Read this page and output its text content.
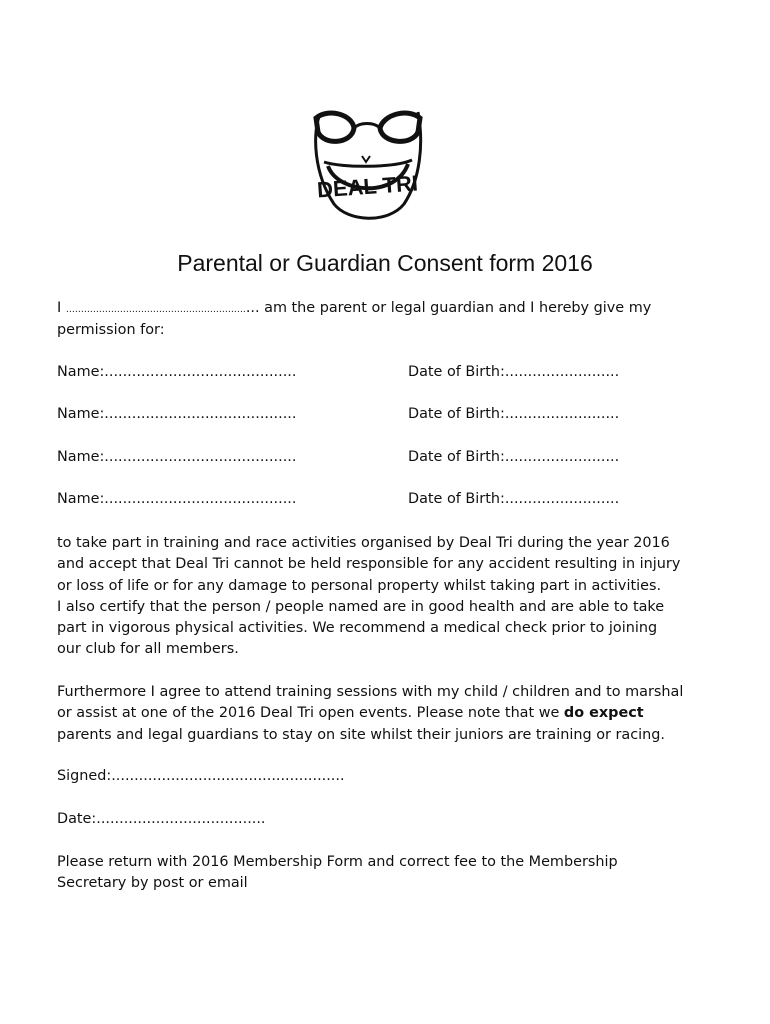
DEAL TRI
Parental or Guardian Consent form 2016
I ……………………………………………………... am the parent or legal guardian and I hereby give my
permission for:
Name:..........................................	Date of Birth:.........................
Name:..........................................	Date of Birth:.........................
Name:..........................................	Date of Birth:.........................
Name:..........................................	Date of Birth:.........................
to take part in training and race activities organised by Deal Tri during the year 2016
and accept that Deal Tri cannot be held responsible for any accident resulting in injury
or loss of life or for any damage to personal property whilst taking part in activities.
I also certify that the person / people named are in good health and are able to take
part in vigorous physical activities. We recommend a medical check prior to joining
our club for all members.
Furthermore I agree to attend training sessions with my child / children and to marshal
or assist at one of the 2016 Deal Tri open events. Please note that we do expect
parents and legal guardians to stay on site whilst their juniors are training or racing.
Signed:...................................................
Date:.....................................
Please return with 2016 Membership Form and correct fee to the Membership
Secretary by post or email
